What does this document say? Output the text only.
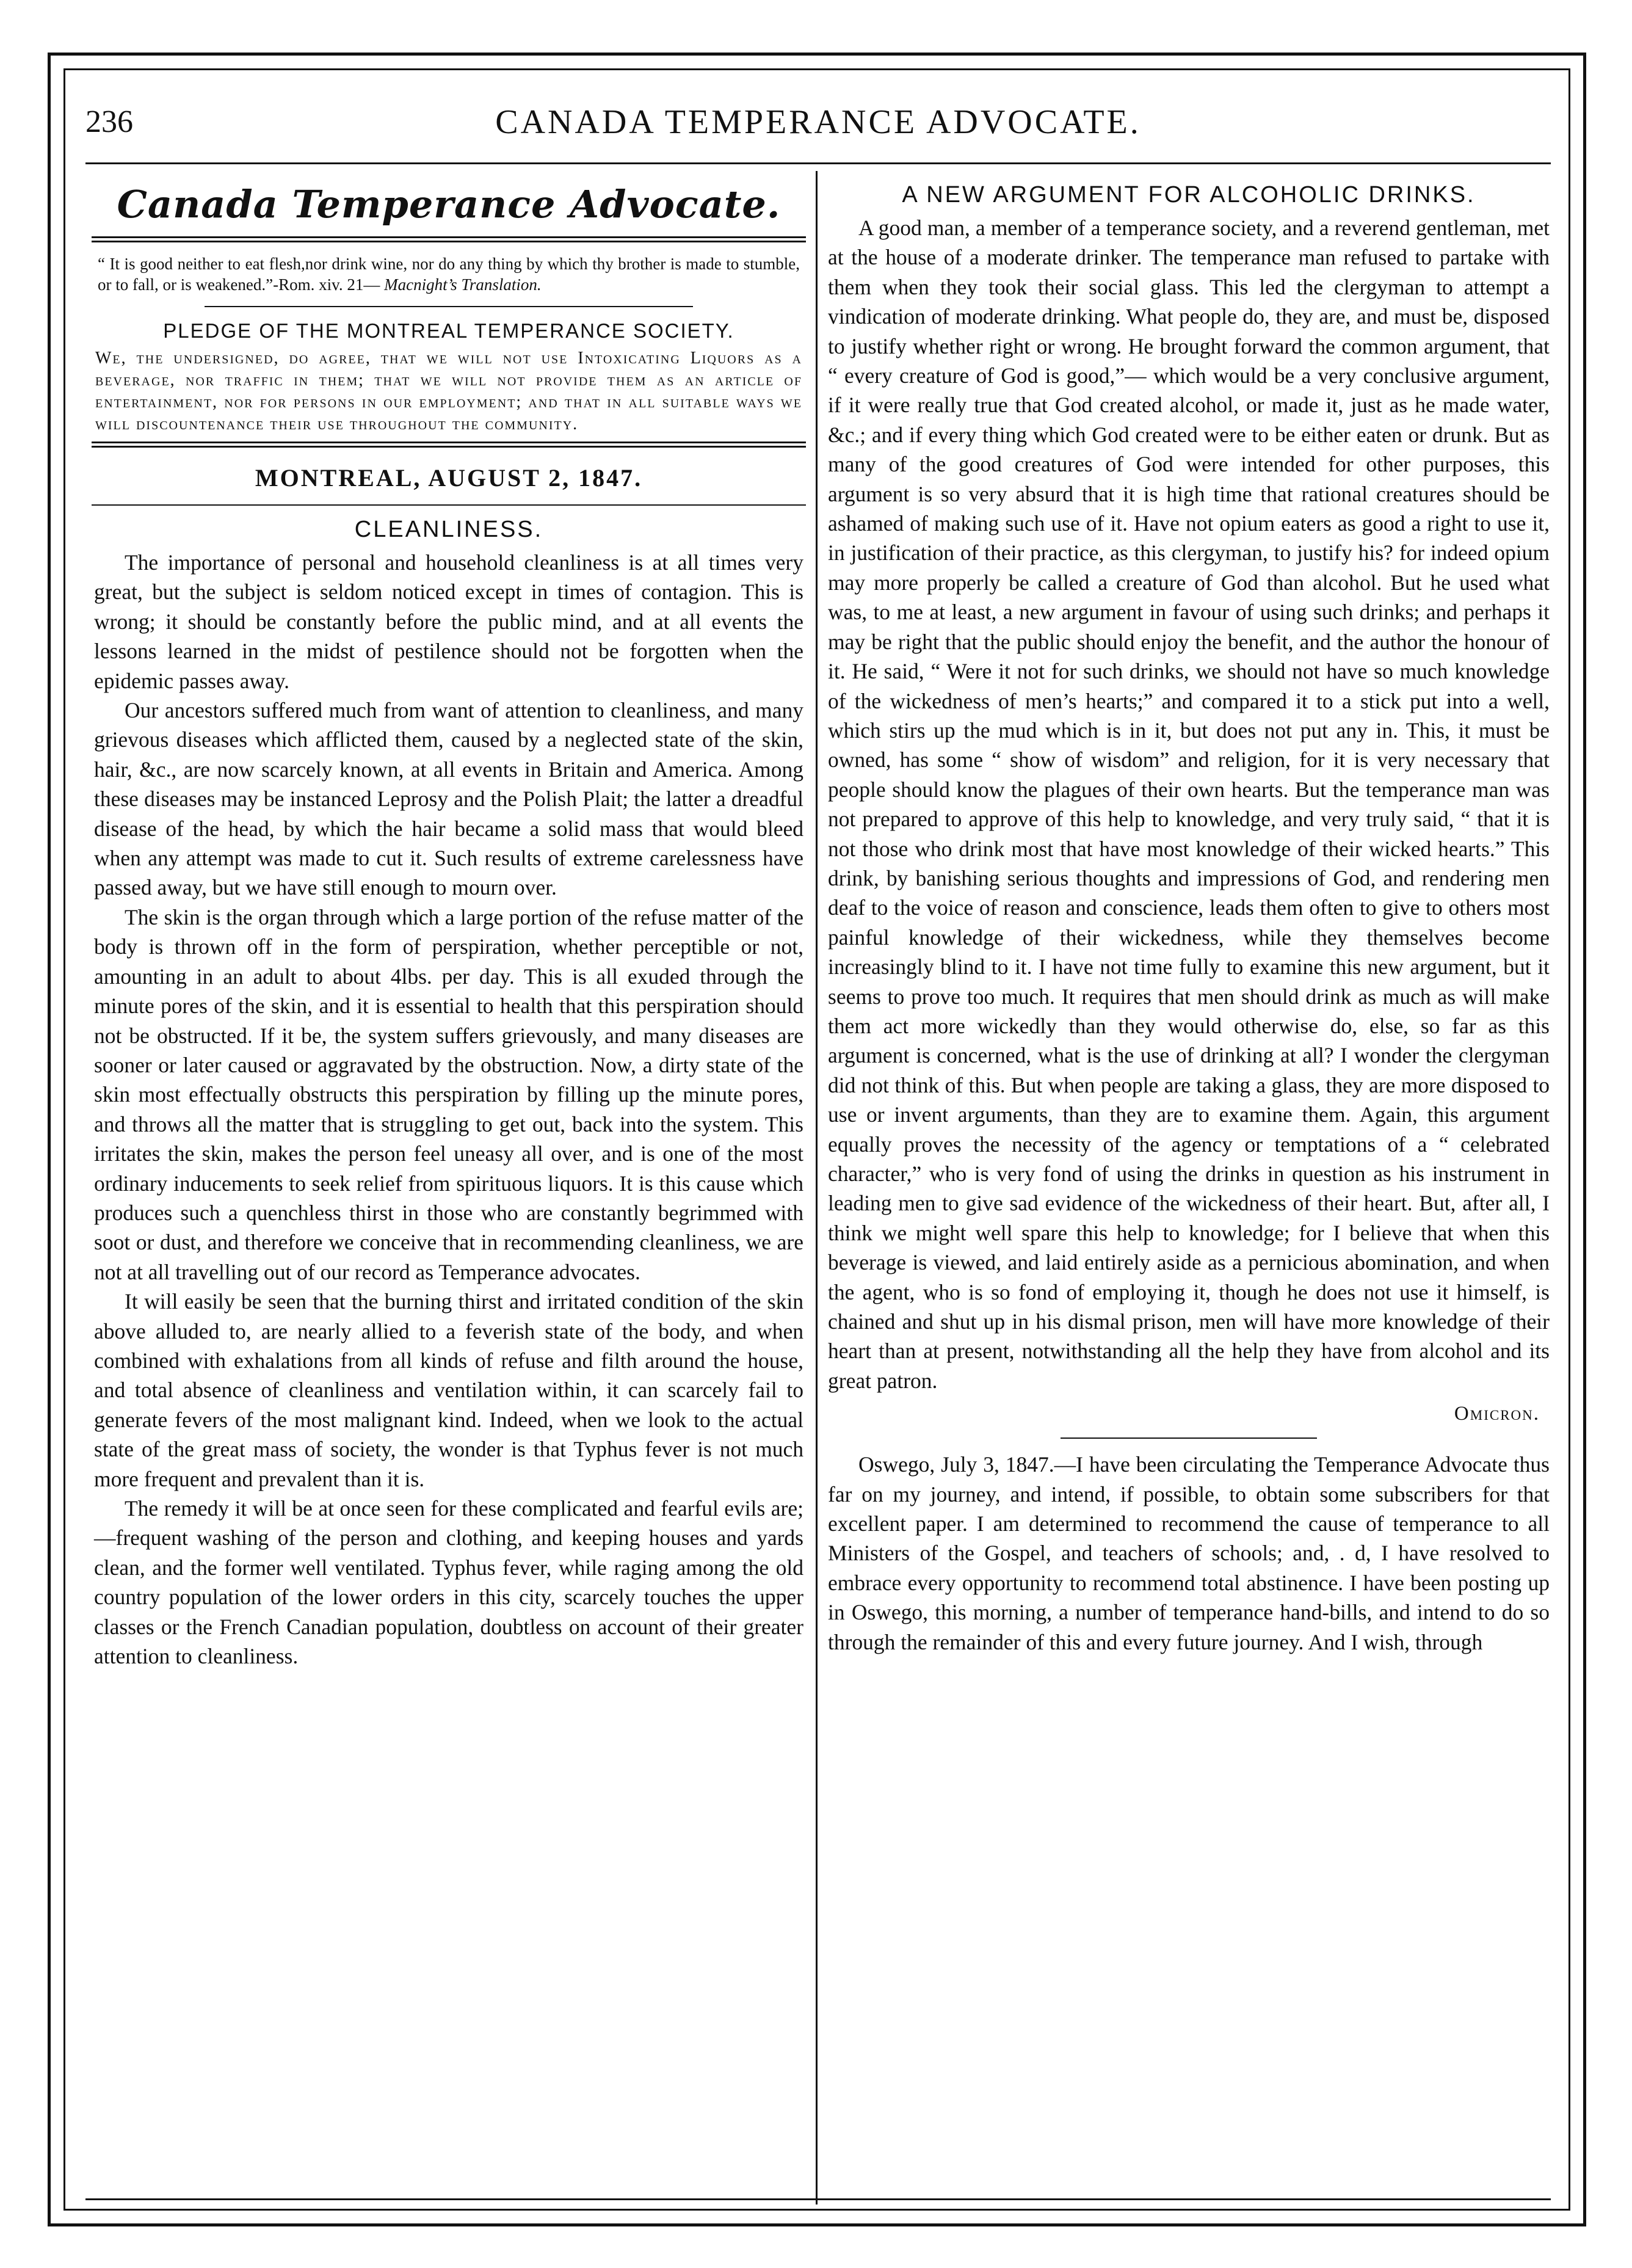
236	CANADA TEMPERANCE ADVOCATE.
Canada Temperance Advocate.
“ It is good neither to eat flesh,nor drink wine, nor do any thing by which thy brother is made to stumble, or to fall, or is weakened.”-Rom. xiv. 21— Macnight’s Translation.
PLEDGE OF THE MONTREAL TEMPERANCE SOCIETY.
We, the undersigned, do agree, that we will not use Intoxicating Liquors as a beverage, nor traffic in them; that we will not provide them as an article of entertainment, nor for persons in our employment; and that in all suitable ways we will discountenance their use throughout the community.
MONTREAL, AUGUST 2, 1847.
CLEANLINESS.

The importance of personal and household cleanliness is at all times very great, but the subject is seldom noticed except in times of contagion. This is wrong; it should be constantly before the public mind, and at all events the lessons learned in the midst of pestilence should not be forgotten when the epidemic passes away.

Our ancestors suffered much from want of attention to cleanliness, and many grievous diseases which afflicted them, caused by a neglected state of the skin, hair, &c., are now scarcely known, at all events in Britain and America. Among these diseases may be instanced Leprosy and the Polish Plait; the latter a dreadful disease of the head, by which the hair became a solid mass that would bleed when any attempt was made to cut it. Such results of extreme carelessness have passed away, but we have still enough to mourn over.

The skin is the organ through which a large portion of the refuse matter of the body is thrown off in the form of perspiration, whether perceptible or not, amounting in an adult to about 4lbs. per day. This is all exuded through the minute pores of the skin, and it is essential to health that this perspiration should not be obstructed. If it be, the system suffers grievously, and many diseases are sooner or later caused or aggravated by the obstruction. Now, a dirty state of the skin most effectually obstructs this perspiration by filling up the minute pores, and throws all the matter that is struggling to get out, back into the system. This irritates the skin, makes the person feel uneasy all over, and is one of the most ordinary inducements to seek relief from spirituous liquors. It is this cause which produces such a quenchless thirst in those who are constantly begrimmed with soot or dust, and therefore we conceive that in recommending cleanliness, we are not at all travelling out of our record as Temperance advocates.

It will easily be seen that the burning thirst and irritated condition of the skin above alluded to, are nearly allied to a feverish state of the body, and when combined with exhalations from all kinds of refuse and filth around the house, and total absence of cleanliness and ventilation within, it can scarcely fail to generate fevers of the most malignant kind. Indeed, when we look to the actual state of the great mass of society, the wonder is that Typhus fever is not much more frequent and prevalent than it is.

The remedy it will be at once seen for these complicated and fearful evils are;—frequent washing of the person and clothing, and keeping houses and yards clean, and the former well ventilated. Typhus fever, while raging among the old country population of the lower orders in this city, scarcely touches the upper classes or the French Canadian population, doubtless on account of their greater attention to cleanliness.

A NEW ARGUMENT FOR ALCOHOLIC DRINKS.

A good man, a member of a temperance society, and a reverend gentleman, met at the house of a moderate drinker. The temperance man refused to partake with them when they took their social glass. This led the clergyman to attempt a vindication of moderate drinking. What people do, they are, and must be, disposed to justify whether right or wrong. He brought forward the common argument, that “ every creature of God is good,”— which would be a very conclusive argument, if it were really true that God created alcohol, or made it, just as he made water, &c.; and if every thing which God created were to be either eaten or drunk. But as many of the good creatures of God were intended for other purposes, this argument is so very absurd that it is high time that rational creatures should be ashamed of making such use of it. Have not opium eaters as good a right to use it, in justification of their practice, as this clergyman, to justify his? for indeed opium may more properly be called a creature of God than alcohol. But he used what was, to me at least, a new argument in favour of using such drinks; and perhaps it may be right that the public should enjoy the benefit, and the author the honour of it. He said, “ Were it not for such drinks, we should not have so much knowledge of the wickedness of men’s hearts;” and compared it to a stick put into a well, which stirs up the mud which is in it, but does not put any in. This, it must be owned, has some “ show of wisdom” and religion, for it is very necessary that people should know the plagues of their own hearts. But the temperance man was not prepared to approve of this help to knowledge, and very truly said, “ that it is not those who drink most that have most knowledge of their wicked hearts.” This drink, by banishing serious thoughts and impressions of God, and rendering men deaf to the voice of reason and conscience, leads them often to give to others most painful knowledge of their wickedness, while they themselves become increasingly blind to it. I have not time fully to examine this new argument, but it seems to prove too much. It requires that men should drink as much as will make them act more wickedly than they would otherwise do, else, so far as this argument is concerned, what is the use of drinking at all? I wonder the clergyman did not think of this. But when people are taking a glass, they are more disposed to use or invent arguments, than they are to examine them. Again, this argument equally proves the necessity of the agency or temptations of a “ celebrated character,” who is very fond of using the drinks in question as his instrument in leading men to give sad evidence of the wickedness of their heart. But, after all, I think we might well spare this help to knowledge; for I believe that when this beverage is viewed, and laid entirely aside as a pernicious abomination, and when the agent, who is so fond of employing it, though he does not use it himself, is chained and shut up in his dismal prison, men will have more knowledge of their heart than at present, notwithstanding all the help they have from alcohol and its great patron.

Omicron.

Oswego, July 3, 1847.—I have been circulating the Temperance Advocate thus far on my journey, and intend, if possible, to obtain some subscribers for that excellent paper. I am determined to recommend the cause of temperance to all Ministers of the Gospel, and teachers of schools; and, . d, I have resolved to embrace every opportunity to recommend total abstinence. I have been posting up in Oswego, this morning, a number of temperance hand-bills, and intend to do so through the remainder of this and every future journey. And I wish, through
